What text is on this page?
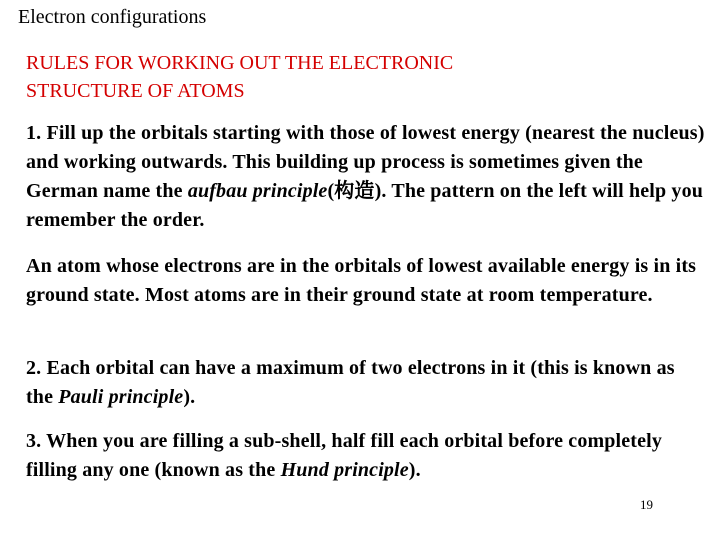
Electron configurations
RULES FOR WORKING OUT THE ELECTRONIC
STRUCTURE OF ATOMS
1. Fill up the orbitals starting with those of lowest energy (nearest the nucleus) and working outwards. This building up process is sometimes given the German name the aufbau principle(构造). The pattern on the left will help you remember the order.
An atom whose electrons are in the orbitals of lowest available energy is in its ground state. Most atoms are in their ground state at room temperature.
2. Each orbital can have a maximum of two electrons in it (this is known as the Pauli principle).
3. When you are filling a sub-shell, half fill each orbital before completely filling any one (known as the Hund principle).
19
